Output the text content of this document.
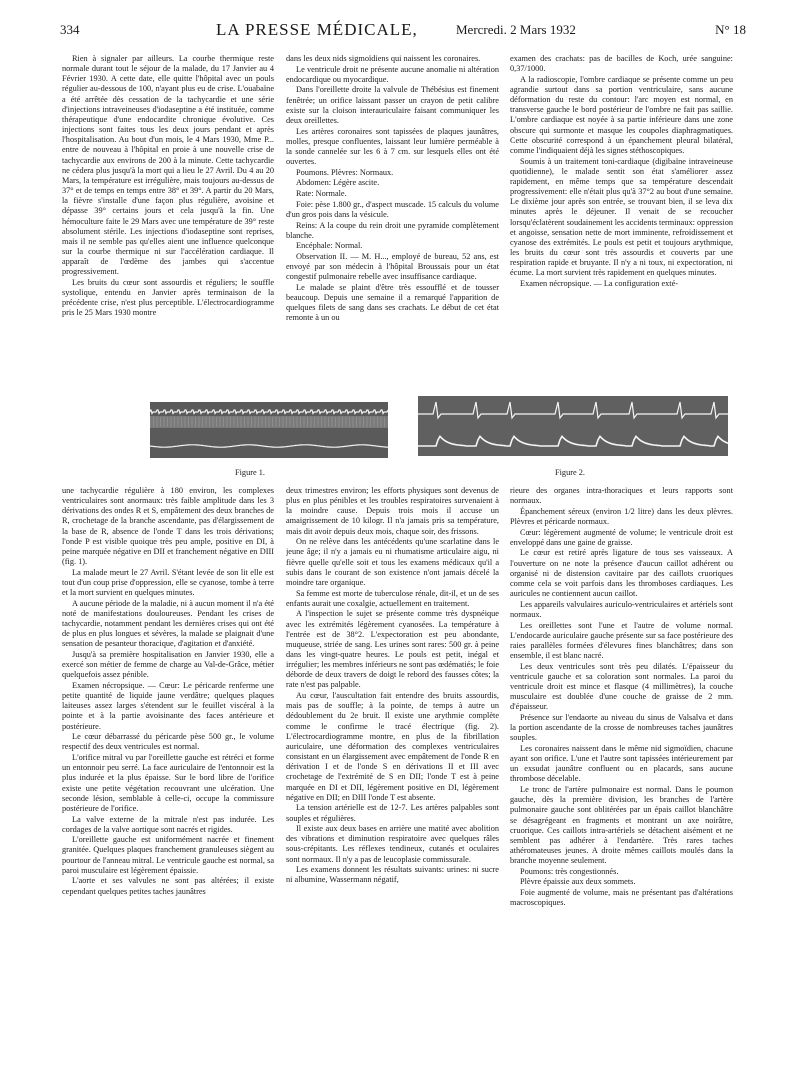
334	LA PRESSE MÉDICALE,	Mercredi. 2 Mars 1932	N° 18

Rien à signaler par ailleurs. La courbe thermique reste normale durant tout le séjour de la malade, du 17 Janvier au 4 Février 1930. A cette date, elle quitte l'hôpital avec un pouls régulier au-dessous de 100, n'ayant plus eu de crise. L'ouabaïne a été arrêtée dès cessation de la tachycardie et une série d'injections intraveineuses d'iodaseptine a été instituée, comme thérapeutique d'une endocardite chronique évolutive. Ces injections sont faites tous les deux jours pendant et après l'hospitalisation. Au bout d'un mois, le 4 Mars 1930, Mme P... entre de nouveau à l'hôpital en proie à une nouvelle crise de tachycardie aux environs de 200 à la minute. Cette tachycardie ne cédera plus jusqu'à la mort qui a lieu le 27 Avril. Du 4 au 20 Mars, la température est irrégulière, mais toujours au-dessus de 37° et de temps en temps entre 38° et 39°. A partir du 20 Mars, la fièvre s'installe d'une façon plus régulière, avoisine et dépasse 39° certains jours et cela jusqu'à la fin. Une hémoculture faite le 29 Mars avec une température de 39° reste absolument stérile. Les injections d'iodaseptine sont reprises, mais il ne semble pas qu'elles aient une influence quelconque sur la courbe thermique ni sur l'accélération cardiaque. Il apparaît de l'œdème des jambes qui s'accentue progressivement.

Les bruits du cœur sont assourdis et réguliers; le souffle systolique, entendu en Janvier après terminaison de la précédente crise, n'est plus perceptible. L'électrocardiogramme pris le 25 Mars 1930 montre

dans les deux nids sigmoïdiens qui naissent les coronaires.

Le ventricule droit ne présente aucune anomalie ni altération endocardique ou myocardique.

Dans l'oreillette droite la valvule de Thébésius est finement fenêtrée; un orifice laissant passer un crayon de petit calibre existe sur la cloison interauriculaire faisant communiquer les deux oreillettes.

Les artères coronaires sont tapissées de plaques jaunâtres, molles, presque confluentes, laissant leur lumière perméable à la sonde cannelée sur les 6 à 7 cm. sur lesquels elles ont été ouvertes.

Poumons. Plèvres: Normaux.

Abdomen: Légère ascite.

Rate: Normale.

Foie: pèse 1.800 gr., d'aspect muscade. 15 calculs du volume d'un gros pois dans la vésicule.

Reins: A la coupe du rein droit une pyramide complètement blanche.

Encéphale: Normal.

Observation II. — M. H..., employé de bureau, 52 ans, est envoyé par son médecin à l'hôpital Broussais pour un état congestif pulmonaire rebelle avec insuffisance cardiaque.

Le malade se plaint d'être très essoufflé et de tousser beaucoup. Depuis une semaine il a remarqué l'apparition de quelques filets de sang dans ses crachats. Le début de cet état remonte à un ou

examen des crachats: pas de bacilles de Koch, urée sanguine: 0,37/1000.

A la radioscopie, l'ombre cardiaque se présente comme un peu agrandie surtout dans sa portion ventriculaire, sans aucune déformation du reste du contour: l'arc moyen est normal, en transverse gauche le bord postérieur de l'ombre ne fait pas saillie. L'ombre cardiaque est noyée à sa partie inférieure dans une zone obscure qui surmonte et masque les coupoles diaphragmatiques. Cette obscurité correspond à un épanchement pleural bilatéral, comme l'indiquaient déjà les signes stéthoscopiques.

Soumis à un traitement toni-cardiaque (digibaïne intraveineuse quotidienne), le malade sentit son état s'améliorer assez rapidement, en même temps que sa température descendait progressivement: elle n'était plus qu'à 37°2 au bout d'une semaine. Le dixième jour après son entrée, se trouvant bien, il se leva dix minutes après le déjeuner. Il venait de se recoucher lorsqu'éclatèrent soudainement les accidents terminaux: oppression et angoisse, sensation nette de mort imminente, refroidissement et cyanose des extrémités. Le pouls est petit et toujours arythmique, les bruits du cœur sont très assourdis et couverts par une respiration rapide et bruyante. Il n'y a ni toux, ni expectoration, ni écume. La mort survient très rapidement en quelques minutes.

Examen nécropsique. — La configuration exté-

Figure 1.	Figure 2.

une tachycardie régulière à 180 environ, les complexes ventriculaires sont anormaux: très faible amplitude dans les 3 dérivations des ondes R et S, empâtement des deux branches de R, crochetage de la branche ascendante, pas d'élargissement de la base de R, absence de l'onde T dans les trois dérivations; l'onde P est visible quoique très peu ample, positive en DI, à peine marquée négative en DII et franchement négative en DIII (fig. 1).

La malade meurt le 27 Avril. S'étant levée de son lit elle est tout d'un coup prise d'oppression, elle se cyanose, tombe à terre et la mort survient en quelques minutes.

A aucune période de la maladie, ni à aucun moment il n'a été noté de manifestations douloureuses. Pendant les crises de tachycardie, notamment pendant les dernières crises qui ont été de plus en plus longues et sévères, la malade se plaignait d'une sensation de pesanteur thoracique, d'agitation et d'anxiété.

Jusqu'à sa première hospitalisation en Janvier 1930, elle a exercé son métier de femme de charge au Val-de-Grâce, métier quelquefois assez pénible.

Examen nécropsique. — Cœur: Le péricarde renferme une petite quantité de liquide jaune verdâtre; quelques plaques laiteuses assez larges s'étendent sur le feuillet viscéral à la pointe et à la partie avoisinante des faces antérieure et postérieure.

Le cœur débarrassé du péricarde pèse 500 gr., le volume respectif des deux ventricules est normal.

L'orifice mitral vu par l'oreillette gauche est rétréci et forme un entonnoir peu serré. La face auriculaire de l'entonnoir est la plus indurée et la plus épaisse. Sur le bord libre de l'orifice existe une petite végétation recouvrant une ulcération. Une seconde lésion, semblable à celle-ci, occupe la commissure postérieure de l'orifice.

La valve externe de la mitrale n'est pas indurée. Les cordages de la valve aortique sont nacrés et rigides.

L'oreillette gauche est uniformément nacrée et finement granitée. Quelques plaques franchement granuleuses siègent au pourtour de l'anneau mitral. Le ventricule gauche est normal, sa paroi musculaire est légèrement épaissie.

L'aorte et ses valvules ne sont pas altérées; il existe cependant quelques petites taches jaunâtres

deux trimestres environ; les efforts physiques sont devenus de plus en plus pénibles et les troubles respiratoires survenaient à la moindre cause. Depuis trois mois il accuse un amaigrissement de 10 kilogr. Il n'a jamais pris sa température, mais dit avoir depuis deux mois, chaque soir, des frissons.

On ne relève dans les antécédents qu'une scarlatine dans le jeune âge; il n'y a jamais eu ni rhumatisme articulaire aigu, ni fièvre quelle qu'elle soit et tous les examens médicaux qu'il a subis dans le courant de son existence n'ont jamais décelé la moindre tare organique.

Sa femme est morte de tuberculose rénale, dit-il, et un de ses enfants aurait une coxalgie, actuellement en traitement.

A l'inspection le sujet se présente comme très dyspnéique avec les extrémités légèrement cyanosées. La température à l'entrée est de 38°2. L'expectoration est peu abondante, muqueuse, striée de sang. Les urines sont rares: 500 gr. à peine dans les vingt-quatre heures. Le pouls est petit, inégal et irrégulier; les membres inférieurs ne sont pas œdématiés; le foie déborde de deux travers de doigt le rebord des fausses côtes; la rate n'est pas palpable.

Au cœur, l'auscultation fait entendre des bruits assourdis, mais pas de souffle; à la pointe, de temps à autre un dédoublement du 2e bruit. Il existe une arythmie complète comme le confirme le tracé électrique (fig. 2). L'électrocardiogramme montre, en plus de la fibrillation auriculaire, une déformation des complexes ventriculaires consistant en un élargissement avec empâtement de l'onde R en dérivation I et de l'onde S en dérivations II et III avec crochetage de l'extrémité de S en DII; l'onde T est à peine marquée en DI et DII, légèrement positive en DI, légèrement négative en DII; en DIII l'onde T est absente.

La tension artérielle est de 12-7. Les artères palpables sont souples et régulières.

Il existe aux deux bases en arrière une matité avec abolition des vibrations et diminution respiratoire avec quelques râles sous-crépitants. Les réflexes tendineux, cutanés et oculaires sont normaux. Il n'y a pas de leucoplasie commissurale.

Les examens donnent les résultats suivants: urines: ni sucre ni albumine, Wassermann négatif,

rieure des organes intra-thoraciques et leurs rapports sont normaux.

Épanchement séreux (environ 1/2 litre) dans les deux plèvres. Plèvres et péricarde normaux.

Cœur: légèrement augmenté de volume; le ventricule droit est enveloppé dans une gaine de graisse.

Le cœur est retiré après ligature de tous ses vaisseaux. A l'ouverture on ne note la présence d'aucun caillot adhérent ou organisé ni de distension cavitaire par des caillots cruoriques comme cela se voit parfois dans les thromboses cardiaques. Les auricules ne contiennent aucun caillot.

Les appareils valvulaires auriculo-ventriculaires et artériels sont normaux.

Les oreillettes sont l'une et l'autre de volume normal. L'endocarde auriculaire gauche présente sur sa face postérieure des raies parallèles formées d'élevures fines blanchâtres; dans son ensemble, il est blanc nacré.

Les deux ventricules sont très peu dilatés. L'épaisseur du ventricule gauche et sa coloration sont normales. La paroi du ventricule droit est mince et flasque (4 millimètres), la couche musculaire est doublée d'une couche de graisse de 2 mm. d'épaisseur.

Présence sur l'endaorte au niveau du sinus de Valsalva et dans la portion ascendante de la crosse de nombreuses taches jaunâtres souples.

Les coronaires naissent dans le même nid sigmoïdien, chacune ayant son orifice. L'une et l'autre sont tapissées intérieurement par un exsudat jaunâtre confluent ou en placards, sans aucune thrombose décelable.

Le tronc de l'artère pulmonaire est normal. Dans le poumon gauche, dès la première division, les branches de l'artère pulmonaire gauche sont oblitérées par un épais caillot blanchâtre se désagrégeant en fragments et montrant un axe noirâtre, cruorique. Ces caillots intra-artériels se détachent aisément et ne semblent pas adhérer à l'endartère. Très rares taches athéromateuses jeunes. A droite mêmes caillots moulés dans la branche moyenne seulement.

Poumons: très congestionnés.

Plèvre épaissie aux deux sommets.

Foie augmenté de volume, mais ne présentant pas d'altérations macroscopiques.
